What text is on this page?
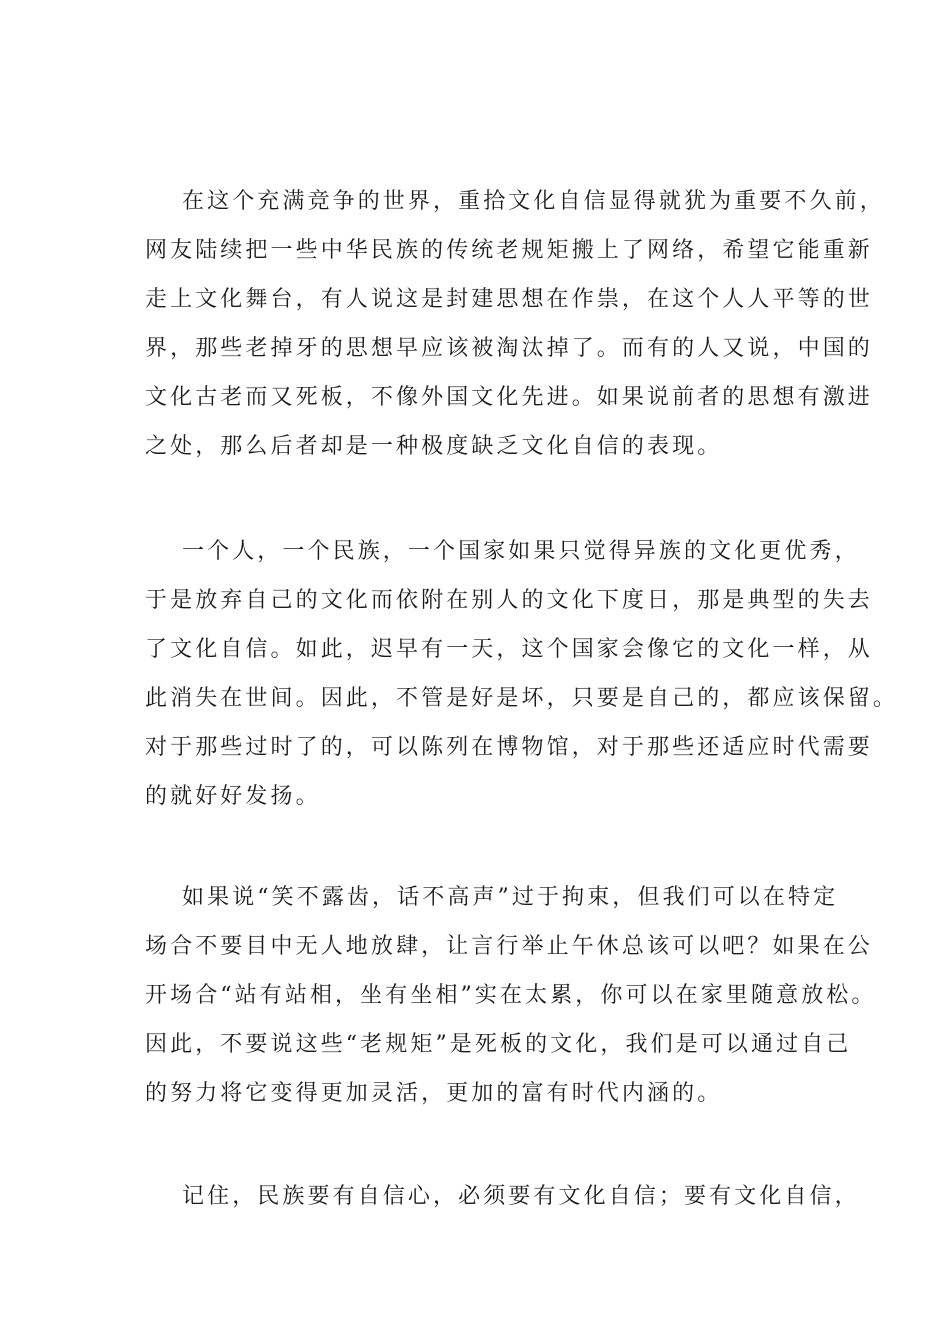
在这个充满竞争的世界，重拾文化自信显得就犹为重要不久前，
网友陆续把一些中华民族的传统老规矩搬上了网络，希望它能重新
走上文化舞台，有人说这是封建思想在作祟，在这个人人平等的世
界，那些老掉牙的思想早应该被淘汰掉了。而有的人又说，中国的
文化古老而又死板，不像外国文化先进。如果说前者的思想有激进
之处，那么后者却是一种极度缺乏文化自信的表现。
一个人，一个民族，一个国家如果只觉得异族的文化更优秀，
于是放弃自己的文化而依附在别人的文化下度日，那是典型的失去
了文化自信。如此，迟早有一天，这个国家会像它的文化一样，从
此消失在世间。因此，不管是好是坏，只要是自己的，都应该保留。
对于那些过时了的，可以陈列在博物馆，对于那些还适应时代需要
的就好好发扬。
如果说“笑不露齿，话不高声”过于拘束，但我们可以在特定
场合不要目中无人地放肆，让言行举止午休总该可以吧？如果在公
开场合“站有站相，坐有坐相”实在太累，你可以在家里随意放松。
因此，不要说这些“老规矩”是死板的文化，我们是可以通过自己
的努力将它变得更加灵活，更加的富有时代内涵的。
记住，民族要有自信心，必须要有文化自信；要有文化自信，
